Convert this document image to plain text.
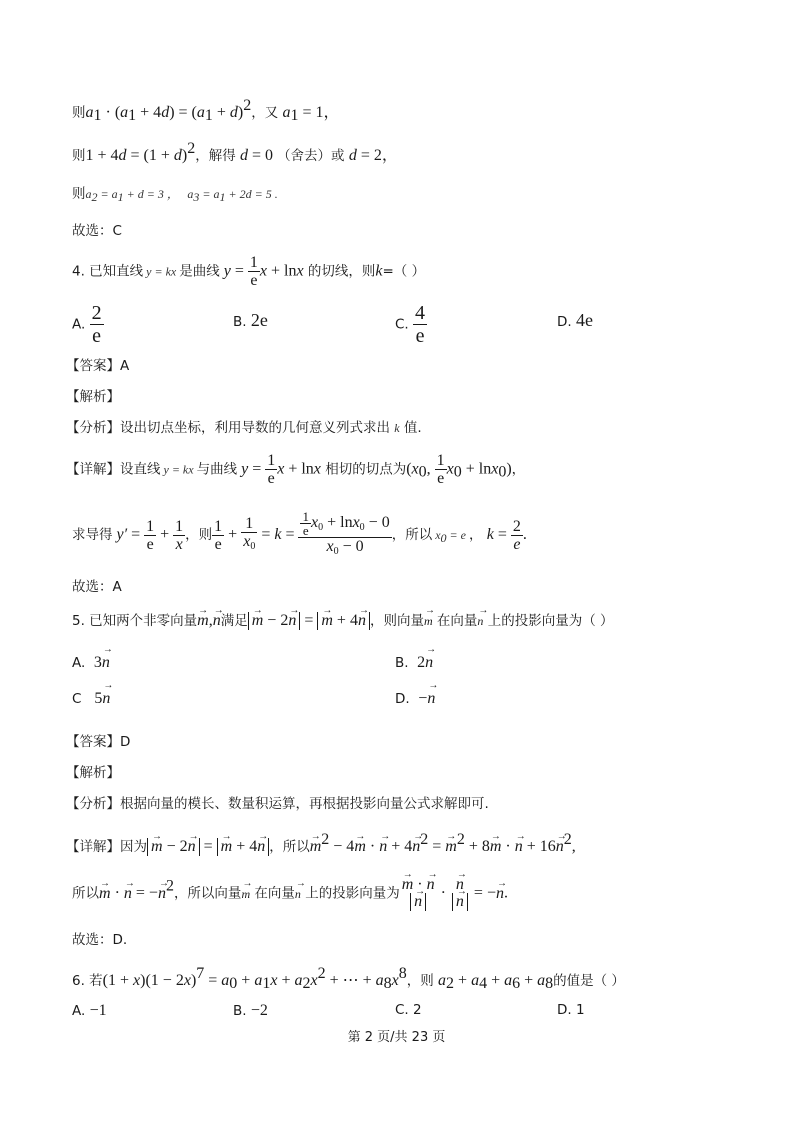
则$a_1 \cdot (a_1 + 4d) = (a_1 + d)^2$，又 $a_1 = 1$，
则$1 + 4d = (1 + d)^2$，解得 d = 0 （舍去）或 d = 2，
则$a_2 = a_1 + d = 3$ ， $a_3 = a_1 + 2d = 5$ .
故选：C
4. 已知直线 y = kx 是曲线 $y = \frac{1}{e}$ x + lnx 的切线，则k=（ ）
A. $\frac{2}{e}$	B. 2e	C. $\frac{4}{e}$	D. 4e
【答案】A
【解析】
【分析】设出切点坐标，利用导数的几何意义列式求出 k 值.
【详解】设直线 y = kx 与曲线 $y = \frac{1}{e}$ x + lnx 相切的切点为($x_0$, $\frac{1}{e} x_0 + \ln x_0$)，
求导得 $y' = \frac{1}{e} + \frac{1}{x}$ ，则 $\frac{1}{e} + \frac{1}{x_0} = k = \frac{\frac{1}{e} x_0 + \ln x_0 - 0}{x_0 - 0}$ ，所以 $x_0 = e$ ， $k = \frac{2}{e}$ .
故选：A
5. 已知两个非零向量→ m,→ n满足 → m − 2→ n = → m + 4→ n ，则向量→ m 在向量→ n 上的投影向量为（ ）
A. 3→ n	B. 2→ n
C 5→ n	D. −→ n
【答案】D
【解析】
【分析】根据向量的模长、数量积运算，再根据投影向量公式求解即可.
【详解】因为 → m − 2→ n = → m + 4→ n ，所以→ $m^2 - 4\to m$ · → $n + 4\to n^2$ = → $m^2 + 8\to m$ · → $n + 16\to n^2$,
所以→ m · → n = −→ $n^2$，所以向量→ m 在向量→ n 上的投影向量为
→ m · → n
→ n · → n
→ n = −→ n.
故选：D.
6. 若$(1 + x)(1 - 2x)^7 = a_0 + a_1x + a_2x^2$ + ⋯ + $a_8x^8$，则 $a_2 + a_4 + a_6 + a_8$的值是（ ）
A. −1	B. −2	C. 2	D. 1
第 2 页/共 23 页
